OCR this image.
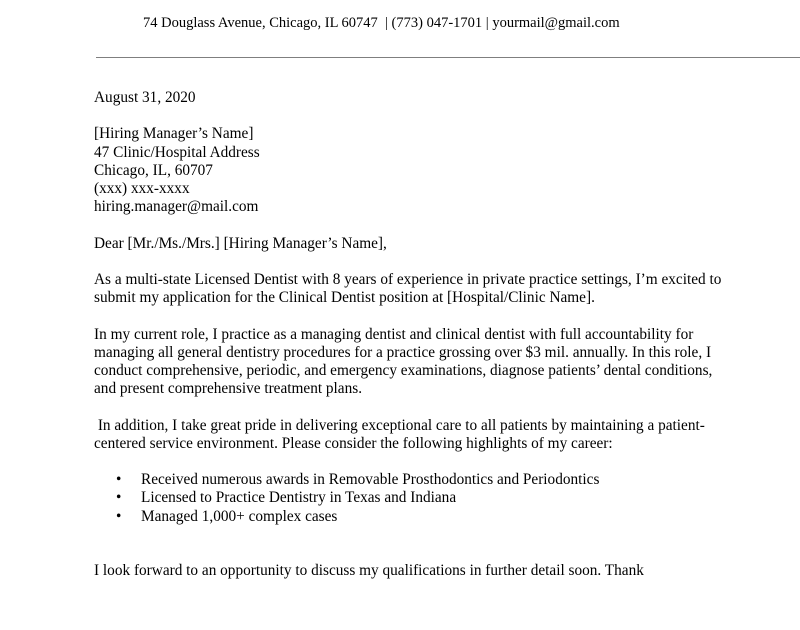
74 Douglass Avenue, Chicago, IL 60747  | (773) 047-1701 | yourmail@gmail.com

August 31, 2020

[Hiring Manager’s Name]
47 Clinic/Hospital Address
Chicago, IL, 60707
(xxx) xxx-xxxx
hiring.manager@mail.com

Dear [Mr./Ms./Mrs.] [Hiring Manager’s Name],

As a multi-state Licensed Dentist with 8 years of experience in private practice settings, I’m excited to submit my application for the Clinical Dentist position at [Hospital/Clinic Name].

In my current role, I practice as a managing dentist and clinical dentist with full accountability for managing all general dentistry procedures for a practice grossing over $3 mil. annually. In this role, I conduct comprehensive, periodic, and emergency examinations, diagnose patients’ dental conditions, and present comprehensive treatment plans.

In addition, I take great pride in delivering exceptional care to all patients by maintaining a patient-centered service environment. Please consider the following highlights of my career:

• Received numerous awards in Removable Prosthodontics and Periodontics
• Licensed to Practice Dentistry in Texas and Indiana
• Managed 1,000+ complex cases

I look forward to an opportunity to discuss my qualifications in further detail soon. Thank
